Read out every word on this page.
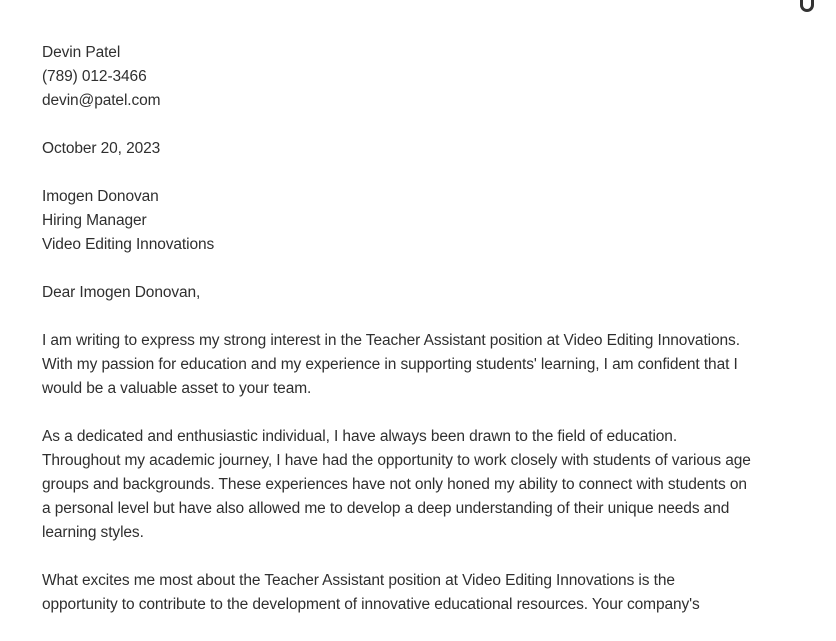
Devin Patel
(789) 012-3466
devin@patel.com
October 20, 2023
Imogen Donovan
Hiring Manager
Video Editing Innovations
Dear Imogen Donovan,
I am writing to express my strong interest in the Teacher Assistant position at Video Editing Innovations.
With my passion for education and my experience in supporting students' learning, I am confident that I
would be a valuable asset to your team.
As a dedicated and enthusiastic individual, I have always been drawn to the field of education.
Throughout my academic journey, I have had the opportunity to work closely with students of various age
groups and backgrounds. These experiences have not only honed my ability to connect with students on
a personal level but have also allowed me to develop a deep understanding of their unique needs and
learning styles.
What excites me most about the Teacher Assistant position at Video Editing Innovations is the
opportunity to contribute to the development of innovative educational resources. Your company's
